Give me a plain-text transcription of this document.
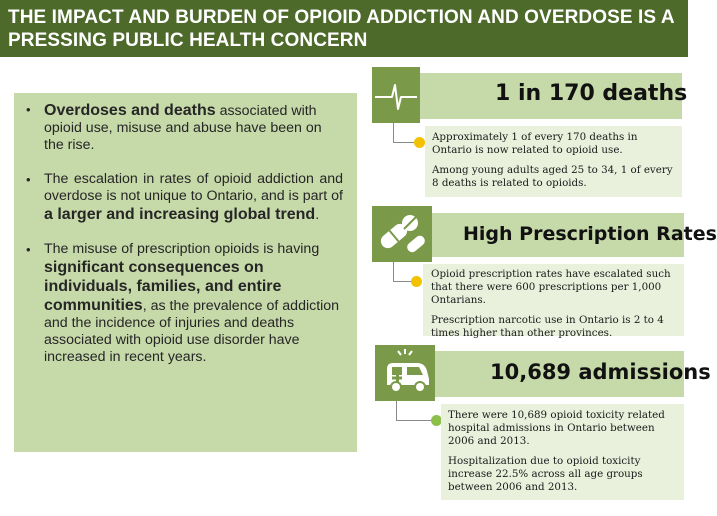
THE IMPACT AND BURDEN OF OPIOID ADDICTION AND OVERDOSE IS A
PRESSING PUBLIC HEALTH CONCERN
• Overdoses and deaths associated with opioid use, misuse and abuse have been on the rise.
• The escalation in rates of opioid addiction and overdose is not unique to Ontario, and is part of a larger and increasing global trend.
• The misuse of prescription opioids is having significant consequences on individuals, families, and entire communities, as the prevalence of addiction and the incidence of injuries and deaths associated with opioid use disorder have increased in recent years.
1 in 170 deaths

Approximately 1 of every 170 deaths in Ontario is now related to opioid use.

Among young adults aged 25 to 34, 1 of every 8 deaths is related to opioids.

High Prescription Rates

Opioid prescription rates have escalated such that there were 600 prescriptions per 1,000 Ontarians.

Prescription narcotic use in Ontario is 2 to 4 times higher than other provinces.

10,689 admissions

There were 10,689 opioid toxicity related hospital admissions in Ontario between 2006 and 2013.

Hospitalization due to opioid toxicity increase 22.5% across all age groups between 2006 and 2013.
